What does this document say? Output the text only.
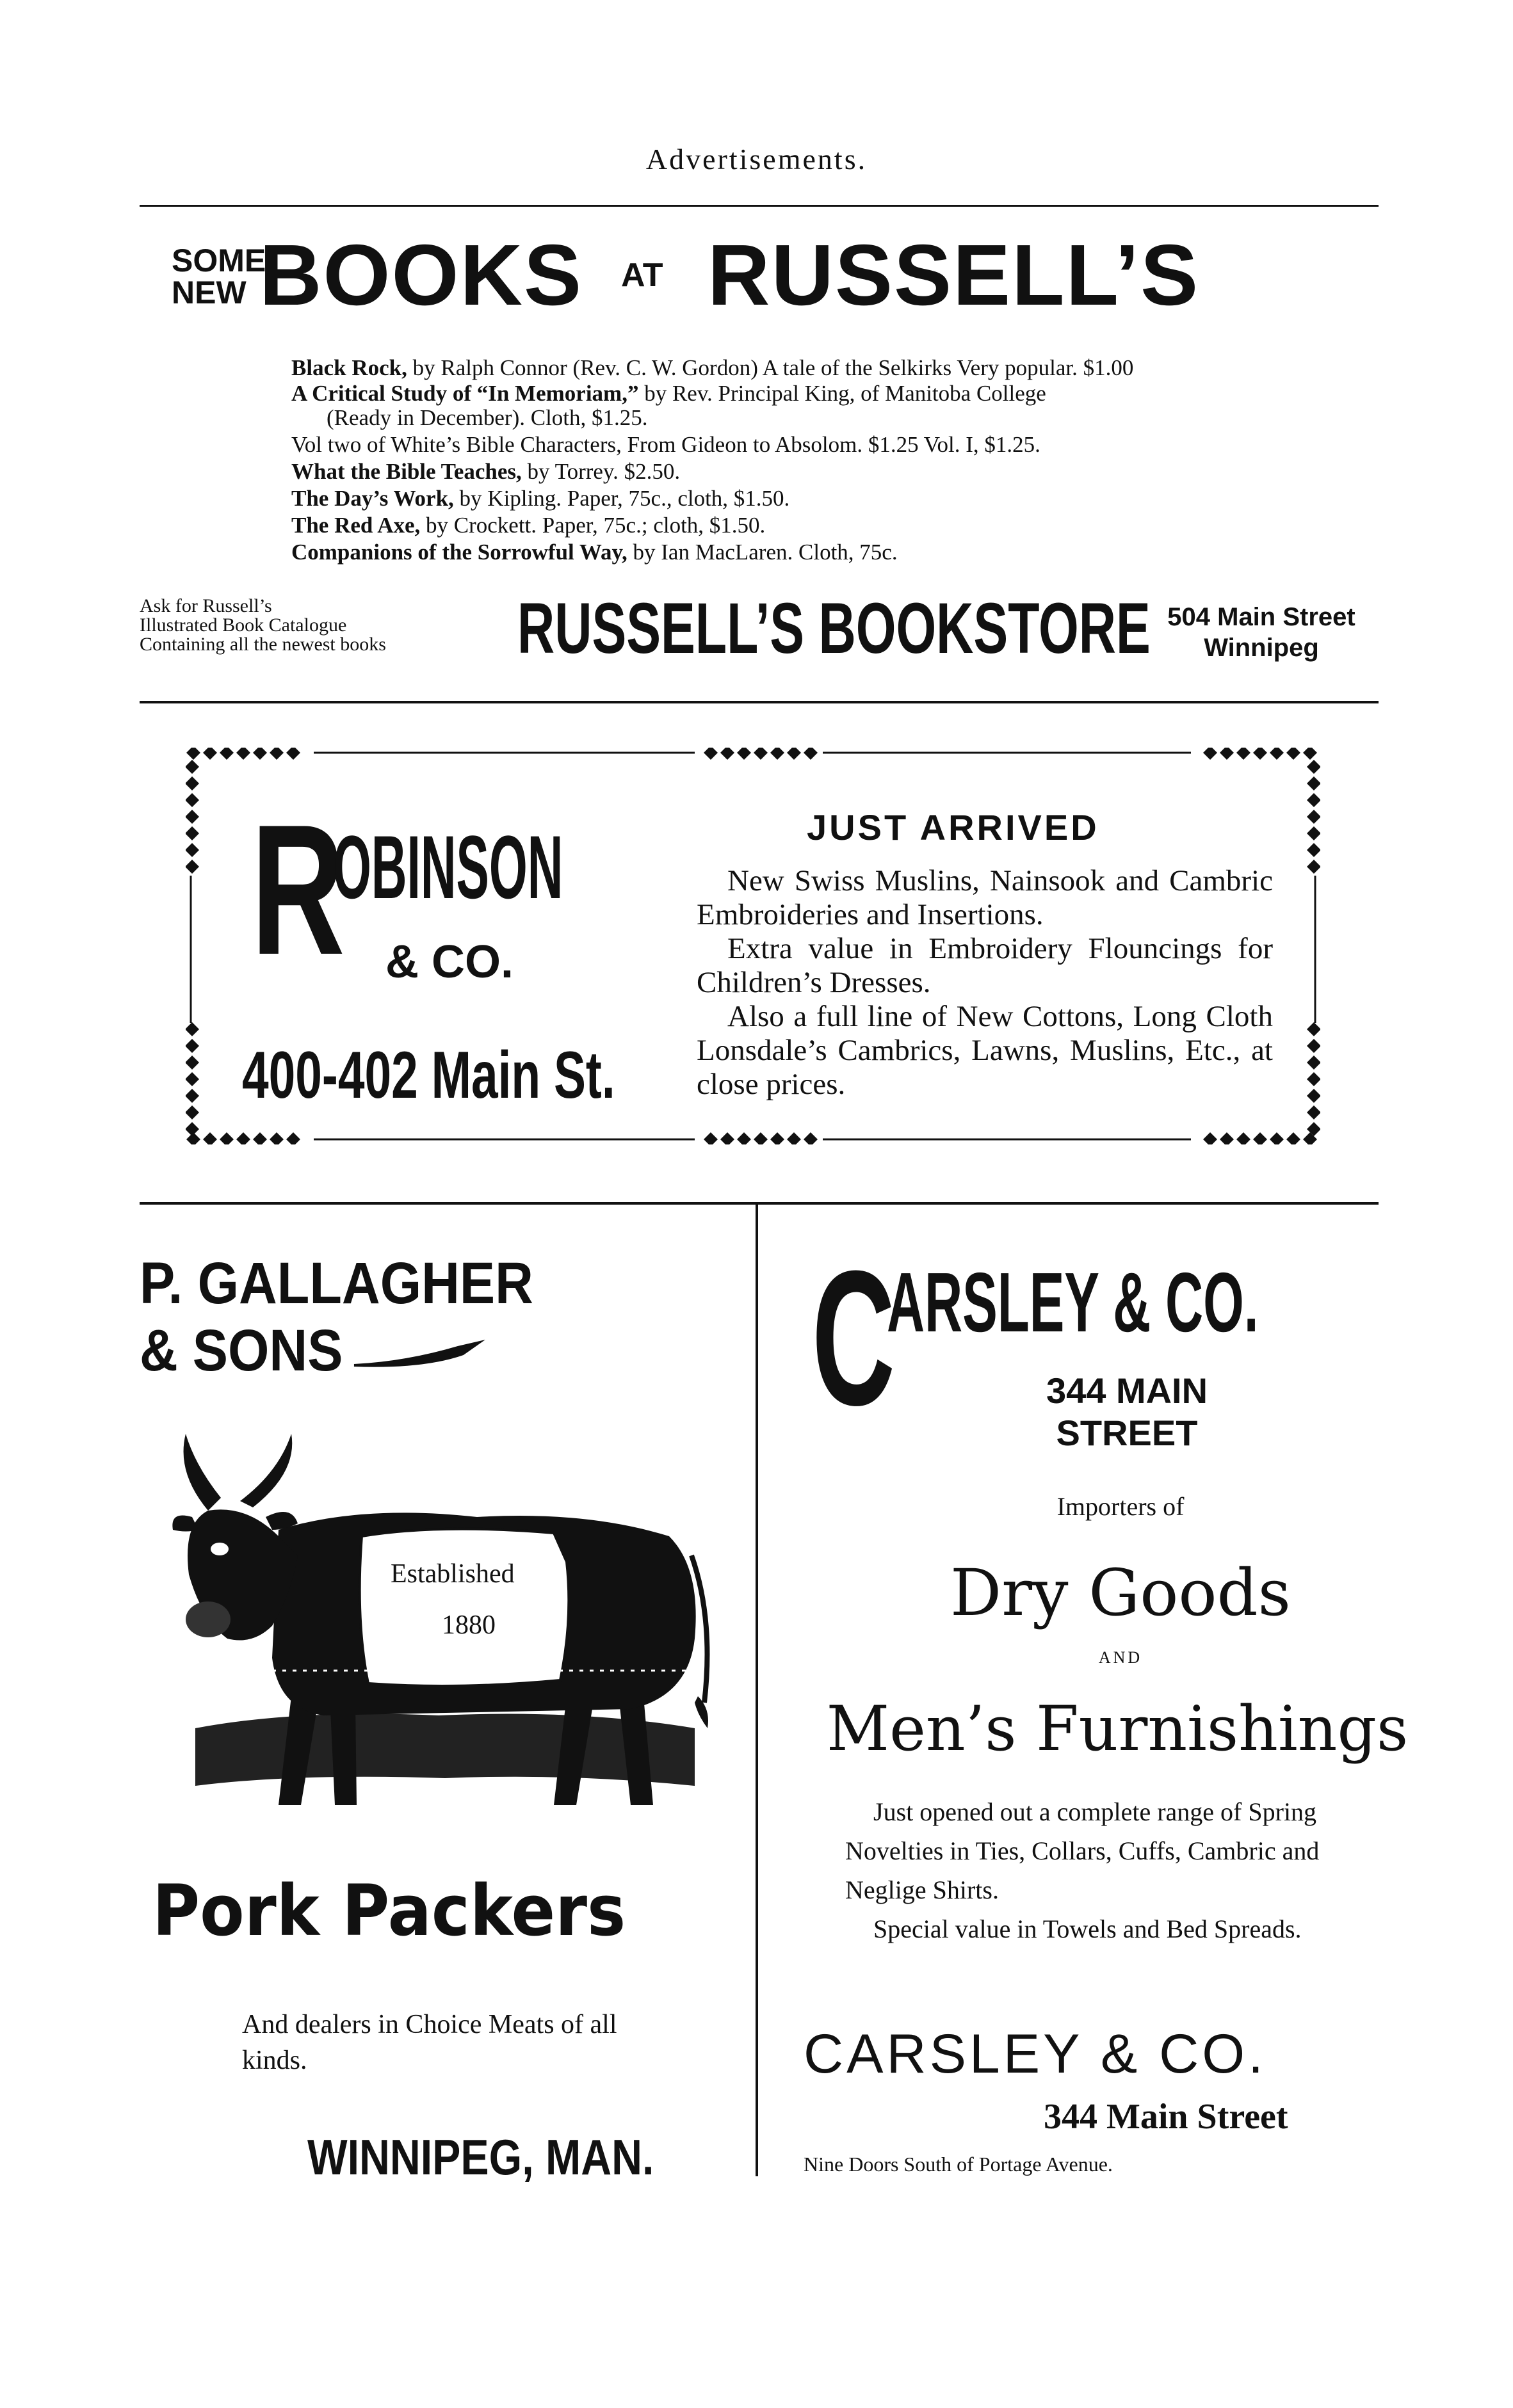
Advertisements.
SOME
NEW BOOKS AT RUSSELL’S
Black Rock, by Ralph Connor (Rev. C. W. Gordon) A tale of the Selkirks Very popular. $1.00
A Critical Study of “In Memoriam,” by Rev. Principal King, of Manitoba College
(Ready in December). Cloth, $1.25.
Vol two of White’s Bible Characters, From Gideon to Absolom. $1.25 Vol. I, $1.25.
What the Bible Teaches, by Torrey. $2.50.
The Day’s Work, by Kipling. Paper, 75c., cloth, $1.50.
The Red Axe, by Crockett. Paper, 75c.; cloth, $1.50.
Companions of the Sorrowful Way, by Ian MacLaren. Cloth, 75c.
Ask for Russell’s
Illustrated Book Catalogue
Containing all the newest books	RUSSELL’S BOOKSTORE 504 Main Street
Winnipeg
R
OBINSON
& CO.
400-402 Main St.
JUST ARRIVED

New Swiss Muslins, Nainsook and Cambric Embroideries and Insertions.

Extra value in Embroidery Flouncings for Children’s Dresses.

Also a full line of New Cottons, Long Cloth Lonsdale’s Cambrics, Lawns, Muslins, Etc., at close prices.

P. GALLAGHER
& SONS
Established
1880
Pork Packers
And dealers in Choice Meats of all kinds.
WINNIPEG, MAN.
C
ARSLEY & CO.
344 MAIN
STREET
Importers of
Dry Goods
AND
Men’s Furnishings

Just opened out a complete range of Spring Novelties in Ties, Collars, Cuffs, Cambric and Neglige Shirts.

Special value in Towels and Bed Spreads.

CARSLEY & CO.
344 Main Street
Nine Doors South of Portage Avenue.
